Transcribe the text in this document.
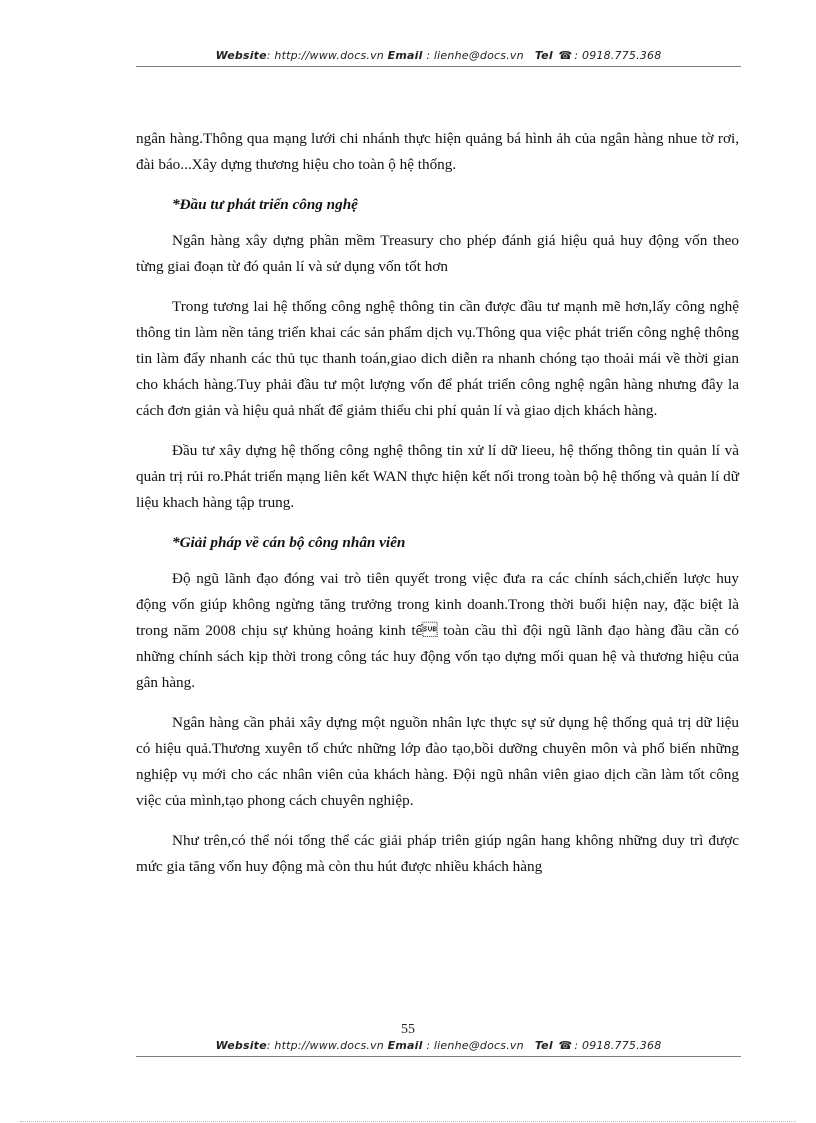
Website: http://www.docs.vn Email : lienhe@docs.vn Tel ☎ : 0918.775.368

ngân hàng.Thông qua mạng lưới chi nhánh thực hiện quảng bá hình ảh của ngân hàng nhue tờ rơi, đài báo...Xây dựng thương hiệu cho toàn ộ hệ thống.

*Đầu tư phát triển công nghệ

Ngân hàng xây dựng phần mềm Treasury cho phép đánh giá hiệu quả huy động vốn theo từng giai đoạn từ đó quản lí và sử dụng vốn tốt hơn

Trong tương lai hệ thống công nghệ thông tin cần được đầu tư mạnh mẽ hơn,lấy công nghệ thông tin làm nền tảng triển khai các sản phẩm dịch vụ.Thông qua việc phát triển công nghệ thông tin làm đẩy nhanh các thủ tục thanh toán,giao dich diễn ra nhanh chóng tạo thoải mái về thời gian cho khách hàng.Tuy phải đầu tư một lượng vốn để phát triển công nghệ ngân hàng nhưng đây la cách đơn giản và hiệu quả nhất để giảm thiểu chi phí quản lí và giao dịch khách hàng.

Đầu tư xây dựng hệ thống công nghệ thông tin xử lí dữ lieeu, hệ thống thông tin quản lí và quản trị rủi ro.Phát triển mạng liên kết WAN thực hiện kết nối trong toàn bộ hệ thống và quản lí dữ liệu khach hàng tập trung.

*Giải pháp về cán bộ công nhân viên

Độ ngũ lãnh đạo đóng vai trò tiên quyết trong việc đưa ra các chính sách,chiến lược huy động vốn giúp không ngừng tăng trưởng trong kinh doanh.Trong thời buổi hiện nay, đặc biệt là trong năm 2008 chịu sự khủng hoảng kinh tế toàn cầu thì đội ngũ lãnh đạo hàng đầu cần có những chính sách kịp thời trong công tác huy động vốn tạo dựng mối quan hệ và thương hiệu của gân hàng.

Ngân hàng cần phải xây dựng một nguồn nhân lực thực sự sử dụng hệ thống quả trị dữ liệu có hiệu quả.Thương xuyên tổ chức những lớp đào tạo,bồi dưỡng chuyên môn và phổ biến những nghiệp vụ mới cho các nhân viên của khách hàng. Đội ngũ nhân viên giao dịch cần làm tốt công việc của mình,tạo phong cách chuyên nghiệp.

Như trên,có thể nói tổng thể các giải pháp triên giúp ngân hang không những duy trì được mức gia tăng vốn huy động mà còn thu hút được nhiều khách hàng

55
Website: http://www.docs.vn Email : lienhe@docs.vn Tel ☎ : 0918.775.368
